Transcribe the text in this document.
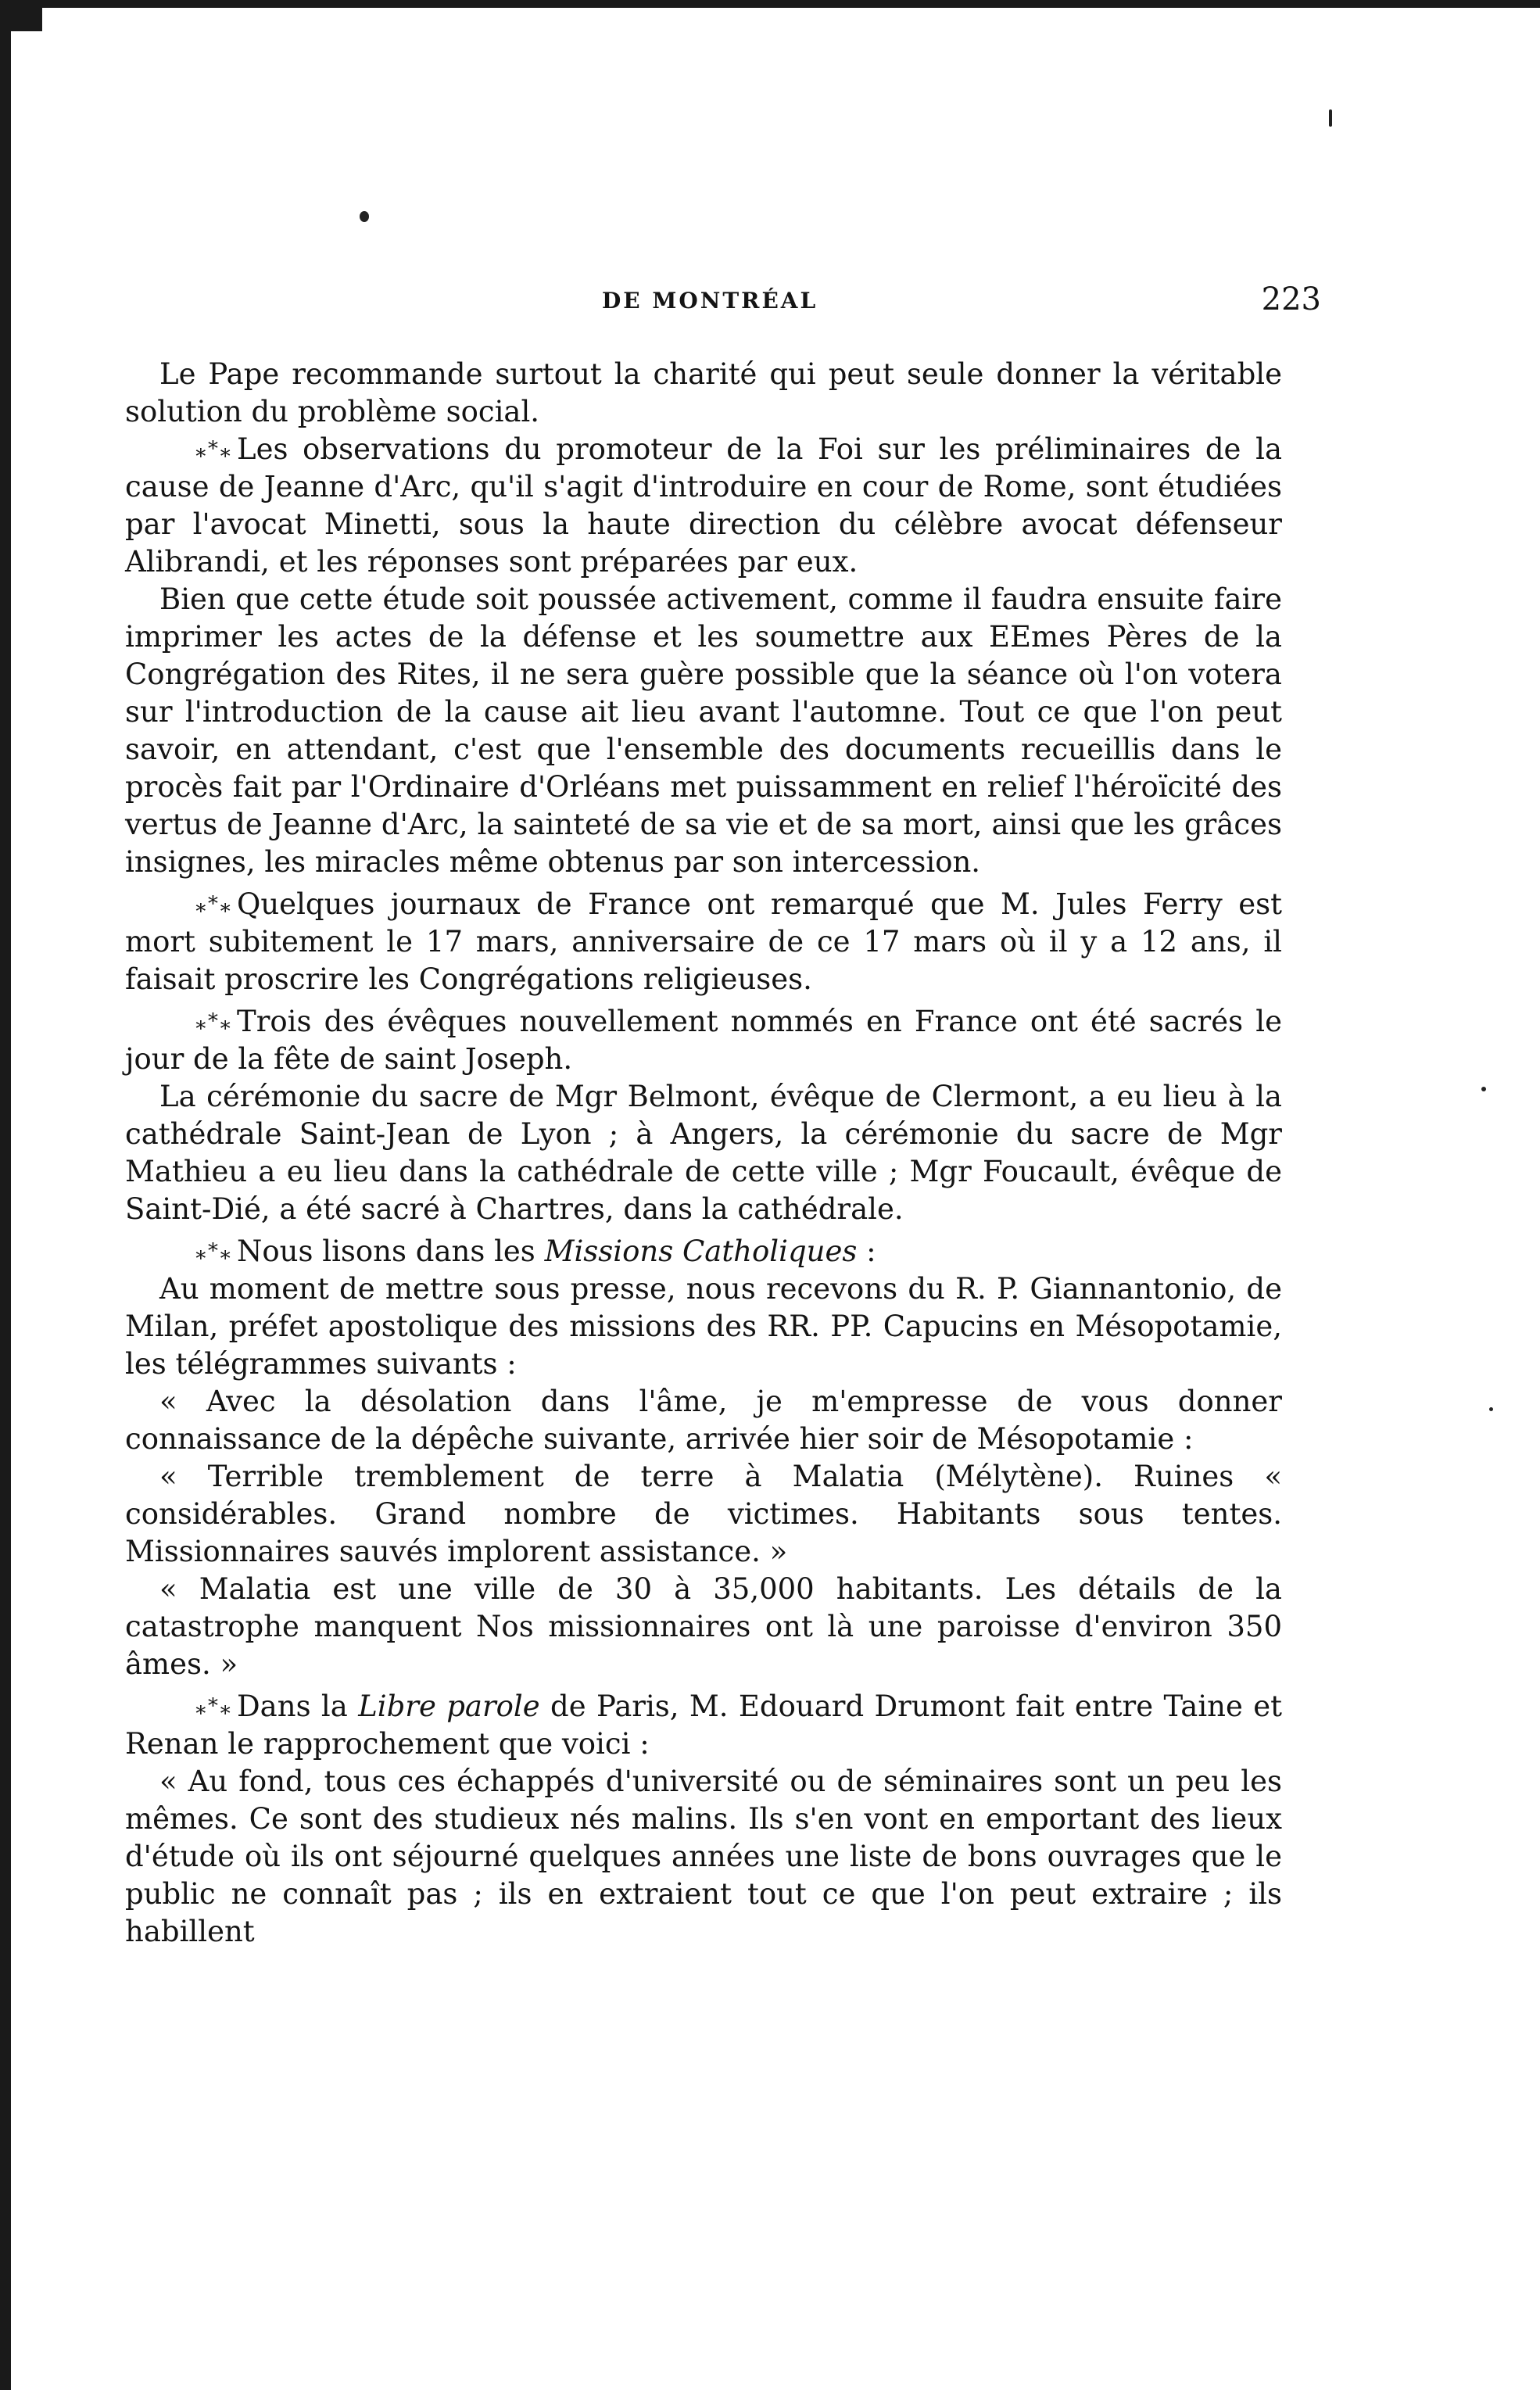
DE MONTRÉAL	223

Le Pape recommande surtout la charité qui peut seule donner la véritable solution du problème social.

∗∗∗ Les observations du promoteur de la Foi sur les préliminaires de la cause de Jeanne d'Arc, qu'il s'agit d'introduire en cour de Rome, sont étudiées par l'avocat Minetti, sous la haute direction du célèbre avocat défenseur Alibrandi, et les réponses sont préparées par eux.

Bien que cette étude soit poussée activement, comme il faudra ensuite faire imprimer les actes de la défense et les soumettre aux EEmes Pères de la Congrégation des Rites, il ne sera guère possible que la séance où l'on votera sur l'introduction de la cause ait lieu avant l'automne. Tout ce que l'on peut savoir, en attendant, c'est que l'ensemble des documents recueillis dans le procès fait par l'Ordinaire d'Orléans met puissamment en relief l'héroïcité des vertus de Jeanne d'Arc, la sainteté de sa vie et de sa mort, ainsi que les grâces insignes, les miracles même obtenus par son intercession.

∗∗∗ Quelques journaux de France ont remarqué que M. Jules Ferry est mort subitement le 17 mars, anniversaire de ce 17 mars où il y a 12 ans, il faisait proscrire les Congrégations religieuses.

∗∗∗ Trois des évêques nouvellement nommés en France ont été sacrés le jour de la fête de saint Joseph.

La cérémonie du sacre de Mgr Belmont, évêque de Clermont, a eu lieu à la cathédrale Saint-Jean de Lyon ; à Angers, la cérémonie du sacre de Mgr Mathieu a eu lieu dans la cathédrale de cette ville ; Mgr Foucault, évêque de Saint-Dié, a été sacré à Chartres, dans la cathédrale.

∗∗∗ Nous lisons dans les Missions Catholiques :

Au moment de mettre sous presse, nous recevons du R. P. Giannantonio, de Milan, préfet apostolique des missions des RR. PP. Capucins en Mésopotamie, les télégrammes suivants :

« Avec la désolation dans l'âme, je m'empresse de vous donner connaissance de la dépêche suivante, arrivée hier soir de Mésopotamie :

« Terrible tremblement de terre à Malatia (Mélytène). Ruines « considérables. Grand nombre de victimes. Habitants sous tentes. Missionnaires sauvés implorent assistance. »

« Malatia est une ville de 30 à 35,000 habitants. Les détails de la catastrophe manquent Nos missionnaires ont là une paroisse d'environ 350 âmes. »

∗∗∗ Dans la Libre parole de Paris, M. Edouard Drumont fait entre Taine et Renan le rapprochement que voici :

« Au fond, tous ces échappés d'université ou de séminaires sont un peu les mêmes. Ce sont des studieux nés malins. Ils s'en vont en emportant des lieux d'étude où ils ont séjourné quelques années une liste de bons ouvrages que le public ne connaît pas ; ils en extraient tout ce que l'on peut extraire ; ils habillent
